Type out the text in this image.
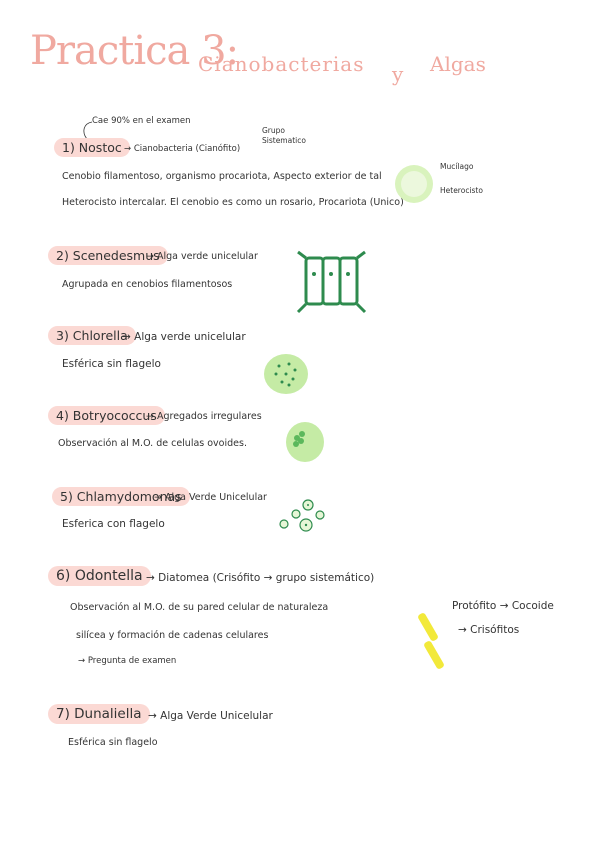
Practica 3:
Cianobacterias y Algas
Cae 90% en el examen
1) Nostoc → Cianobacteria (Cianófito)
Grupo
Sistematico
Cenobio filamentoso, organismo procariota, Aspecto exterior de tal
Heterocisto intercalar. El cenobio es como un rosario, Procariota (Unico)
Mucílago
Heterocisto
2) Scenedesmus
→ Alga verde unicelular
Agrupada en cenobios filamentosos
3) Chlorella
→ Alga verde unicelular
Esférica sin flagelo
4) Botryococcus
→ Agregados irregulares
Observación al M.O. de celulas ovoides.
5) Chlamydomonas
→ Alga Verde Unicelular
Esferica con flagelo
6) Odontella → Diatomea (Crisófito → grupo sistemático)
Observación al M.O. de su pared celular de naturaleza
silícea y formación de cadenas celulares
→ Pregunta de examen
Protófito → Cocoide
→ Crisófitos
7) Dunaliella → Alga Verde Unicelular
Esférica sin flagelo
